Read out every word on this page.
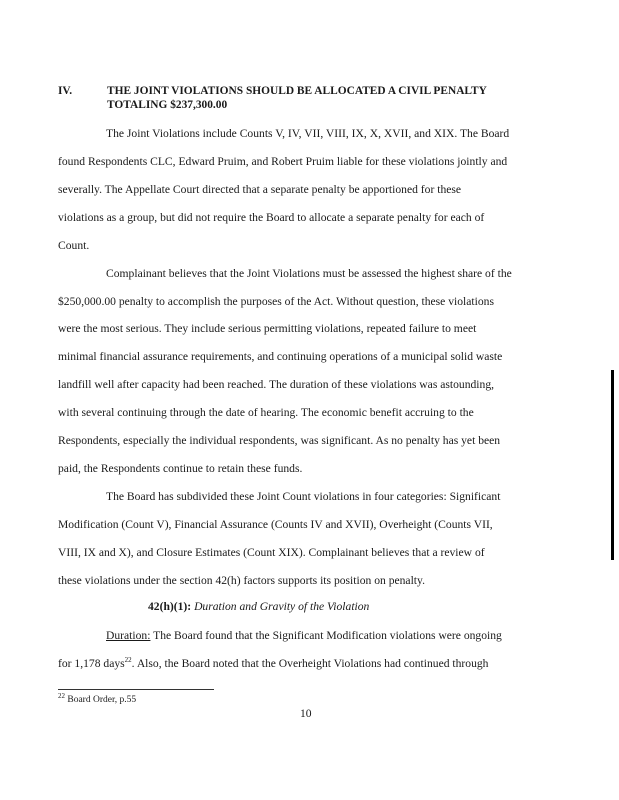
IV.	THE JOINT VIOLATIONS SHOULD BE ALLOCATED A CIVIL PENALTY
TOTALING $237,300.00
The Joint Violations include Counts V, IV, VII, VIII, IX, X, XVII, and XIX. The Board
found Respondents CLC, Edward Pruim, and Robert Pruim liable for these violations jointly and
severally. The Appellate Court directed that a separate penalty be apportioned for these
violations as a group, but did not require the Board to allocate a separate penalty for each of
Count.
Complainant believes that the Joint Violations must be assessed the highest share of the
$250,000.00 penalty to accomplish the purposes of the Act. Without question, these violations
were the most serious. They include serious permitting violations, repeated failure to meet
minimal financial assurance requirements, and continuing operations of a municipal solid waste
landfill well after capacity had been reached. The duration of these violations was astounding,
with several continuing through the date of hearing. The economic benefit accruing to the
Respondents, especially the individual respondents, was significant. As no penalty has yet been
paid, the Respondents continue to retain these funds.
The Board has subdivided these Joint Count violations in four categories: Significant
Modification (Count V), Financial Assurance (Counts IV and XVII), Overheight (Counts VII,
VIII, IX and X), and Closure Estimates (Count XIX). Complainant believes that a review of
these violations under the section 42(h) factors supports its position on penalty.
42(h)(1): Duration and Gravity of the Violation
Duration: The Board found that the Significant Modification violations were ongoing
for 1,178 days$^{22}$. Also, the Board noted that the Overheight Violations had continued through
$^{22}$ Board Order, p.55
10
